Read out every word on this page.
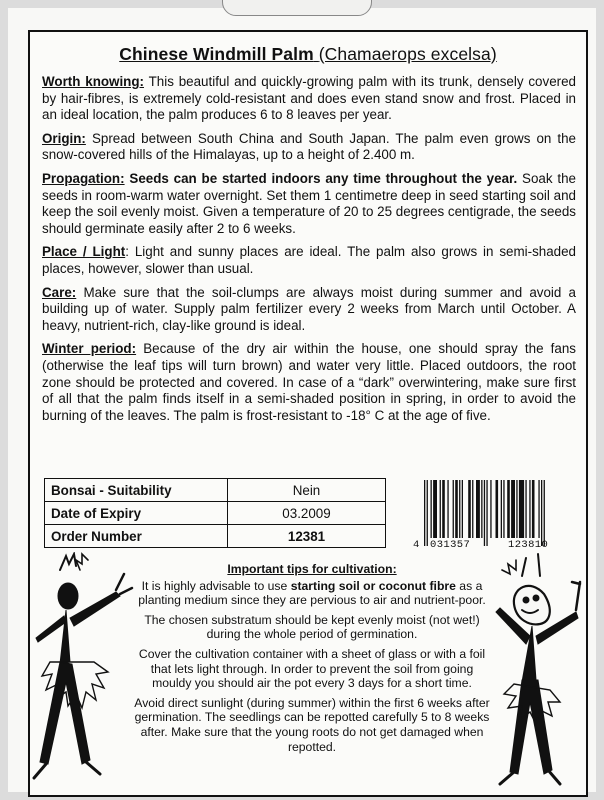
Chinese Windmill Palm (Chamaerops excelsa)

Worth knowing: This beautiful and quickly-growing palm with its trunk, densely covered by hair-fibres, is extremely cold-resistant and does even stand snow and frost. Placed in an ideal location, the palm produces 6 to 8 leaves per year.

Origin: Spread between South China and South Japan. The palm even grows on the snow-covered hills of the Himalayas, up to a height of 2.400 m.

Propagation: Seeds can be started indoors any time throughout the year. Soak the seeds in room-warm water overnight. Set them 1 centimetre deep in seed starting soil and keep the soil evenly moist. Given a temperature of 20 to 25 degrees centigrade, the seeds should germinate easily after 2 to 6 weeks.

Place / Light: Light and sunny places are ideal. The palm also grows in semi-shaded places, however, slower than usual.

Care: Make sure that the soil-clumps are always moist during summer and avoid a building up of water. Supply palm fertilizer every 2 weeks from March until October. A heavy, nutrient-rich, clay-like ground is ideal.

Winter period: Because of the dry air within the house, one should spray the fans (otherwise the leaf tips will turn brown) and water very little. Placed outdoors, the root zone should be protected and covered. In case of a “dark” overwintering, make sure first of all that the palm finds itself in a semi-shaded position in spring, in order to avoid the burning of the leaves. The palm is frost-resistant to -18° C at the age of five.

Bonsai - Suitability	Nein
Date of Expiry	03.2009
Order Number	12381
4 031357	123810
Important tips for cultivation:

It is highly advisable to use starting soil or coconut fibre as a planting medium since they are pervious to air and nutrient-poor.

The chosen substratum should be kept evenly moist (not wet!) during the whole period of germination.

Cover the cultivation container with a sheet of glass or with a foil that lets light through. In order to prevent the soil from going mouldy you should air the pot every 3 days for a short time.

Avoid direct sunlight (during summer) within the first 6 weeks after germination. The seedlings can be repotted carefully 5 to 8 weeks after. Make sure that the young roots do not get damaged when repotted.
